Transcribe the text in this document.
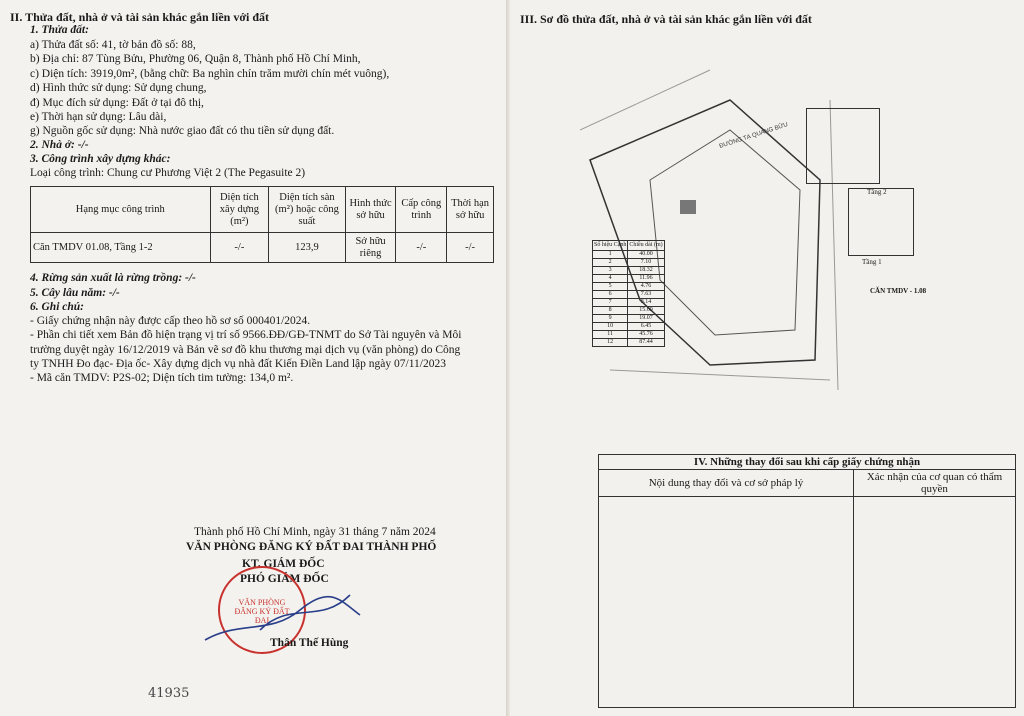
II. Thửa đất, nhà ở và tài sản khác gắn liền với đất
1. Thửa đất:
a) Thửa đất số: 41, tờ bản đồ số: 88,
b) Địa chỉ: 87 Tùng Bửu, Phường 06, Quận 8, Thành phố Hồ Chí Minh,
c) Diện tích: 3919,0m², (bằng chữ: Ba nghìn chín trăm mười chín mét vuông),
d) Hình thức sử dụng: Sử dụng chung,
đ) Mục đích sử dụng: Đất ở tại đô thị,
e) Thời hạn sử dụng: Lâu dài,
g) Nguồn gốc sử dụng: Nhà nước giao đất có thu tiền sử dụng đất.
2. Nhà ở: -/-
3. Công trình xây dựng khác:
Loại công trình: Chung cư Phương Việt 2 (The Pegasuite 2)
Hạng mục công trình	Diện tích xây dựng (m²)	Diện tích sàn (m²) hoặc công suất	Hình thức sở hữu	Cấp công trình	Thời hạn sở hữu
Căn TMDV 01.08, Tầng 1-2	-/-	123,9	Sở hữu riêng	-/-	-/-
4. Rừng sản xuất là rừng trồng: -/-
5. Cây lâu năm: -/-
6. Ghi chú:
- Giấy chứng nhận này được cấp theo hồ sơ số 000401/2024.
- Phần chi tiết xem Bản đồ hiện trạng vị trí số 9566.ĐĐ/GĐ-TNMT do Sở Tài nguyên và Môi
trường duyệt ngày 16/12/2019 và Bản vẽ sơ đồ khu thương mại dịch vụ (văn phòng) do Công
ty TNHH Đo đạc- Địa ốc- Xây dựng dịch vụ nhà đất Kiến Điền Land lập ngày 07/11/2023
- Mã căn TMDV: P2S-02; Diện tích tim tường: 134,0 m².
Thành phố Hồ Chí Minh, ngày 31 tháng 7 năm 2024
VĂN PHÒNG ĐĂNG KÝ ĐẤT ĐAI THÀNH PHỐ
KT. GIÁM ĐỐC
PHÓ GIÁM ĐỐC
VĂN PHÒNG ĐĂNG KÝ ĐẤT ĐAI
Thân Thế Hùng
41935
III. Sơ đồ thửa đất, nhà ở và tài sản khác gắn liền với đất
ĐƯỜNG TẠ QUANG BỬU
Tầng 2
Tầng 1
CĂN TMDV - 1.08
Số hiệu Cạnh	Chiều dài (m)
1	40.00
2	7.10
3	18.32
4	11.96
5	4.76
6	7.63
7	8.14
8	15.69
9	19.07
10	6.45
11	45.76
12	87.44
IV. Những thay đổi sau khi cấp giấy chứng nhận	
Nội dung thay đổi và cơ sở pháp lý	Xác nhận của cơ quan có thẩm quyền
